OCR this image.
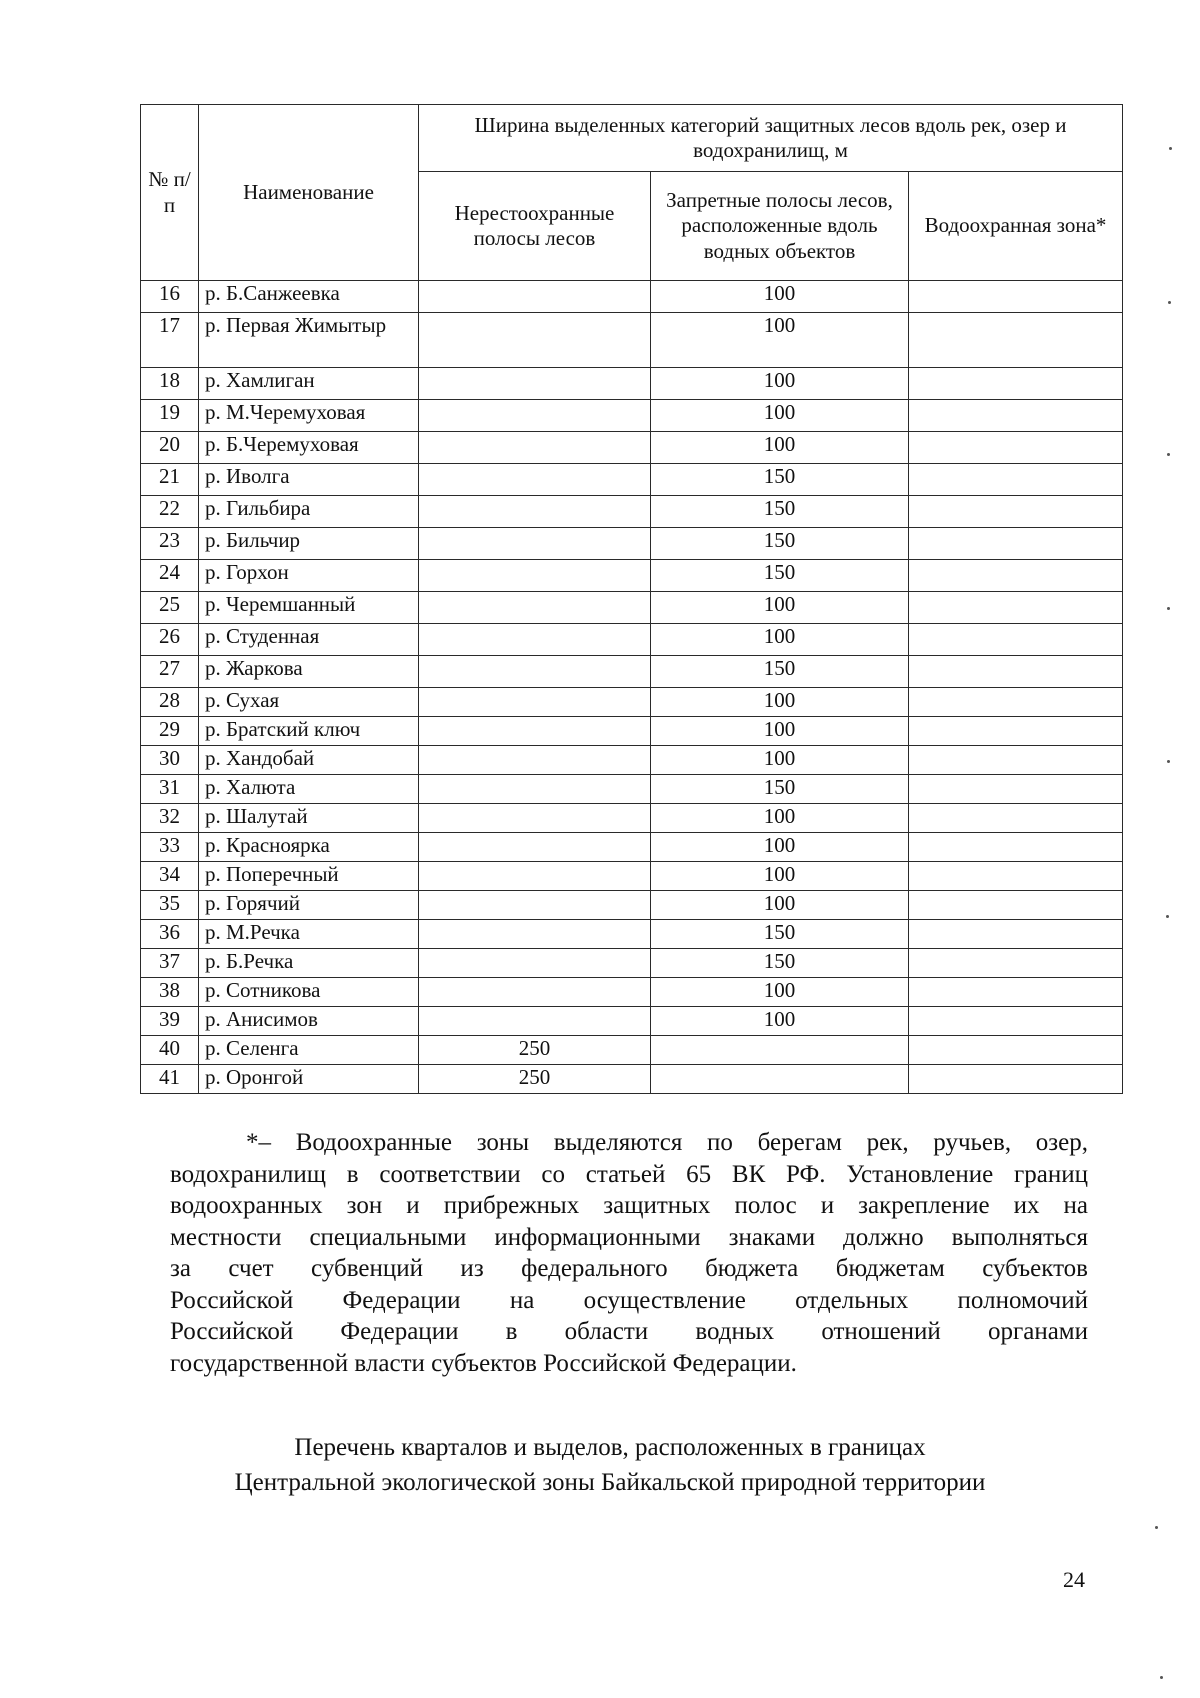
№ п/п	Наименование	Ширина выделенных категорий защитных лесов вдоль рек, озер и водохранилищ, м		
		Нерестоохранные полосы лесов	Запретные полосы лесов, расположенные вдоль водных объектов	Водоохранная зона*
16	р. Б.Санжеевка		100	
17	р. Первая Жимытыр		100	
18	р. Хамлиган		100	
19	р. М.Черемуховая		100	
20	р. Б.Черемуховая		100	
21	р. Иволга		150	
22	р. Гильбира		150	
23	р. Бильчир		150	
24	р. Горхон		150	
25	р. Черемшанный		100	
26	р. Студенная		100	
27	р. Жаркова		150	
28	р. Сухая		100	
29	р. Братский ключ		100	
30	р. Хандобай		100	
31	р. Халюта		150	
32	р. Шалутай		100	
33	р. Красноярка		100	
34	р. Поперечный		100	
35	р. Горячий		100	
36	р. М.Речка		150	
37	р. Б.Речка		150	
38	р. Сотникова		100	
39	р. Анисимов		100	
40	р. Селенга	250		
41	р. Оронгой	250		
*– Водоохранные зоны выделяются по берегам рек, ручьев, озер,
водохранилищ в соответствии со статьей 65 ВК РФ. Установление границ
водоохранных зон и прибрежных защитных полос и закрепление их на
местности специальными информационными знаками должно выполняться
за счет субвенций из федерального бюджета бюджетам субъектов
Российской Федерации на осуществление отдельных полномочий
Российской Федерации в области водных отношений органами
государственной власти субъектов Российской Федерации.
Перечень кварталов и выделов, расположенных в границах
Центральной экологической зоны Байкальской природной территории
24
